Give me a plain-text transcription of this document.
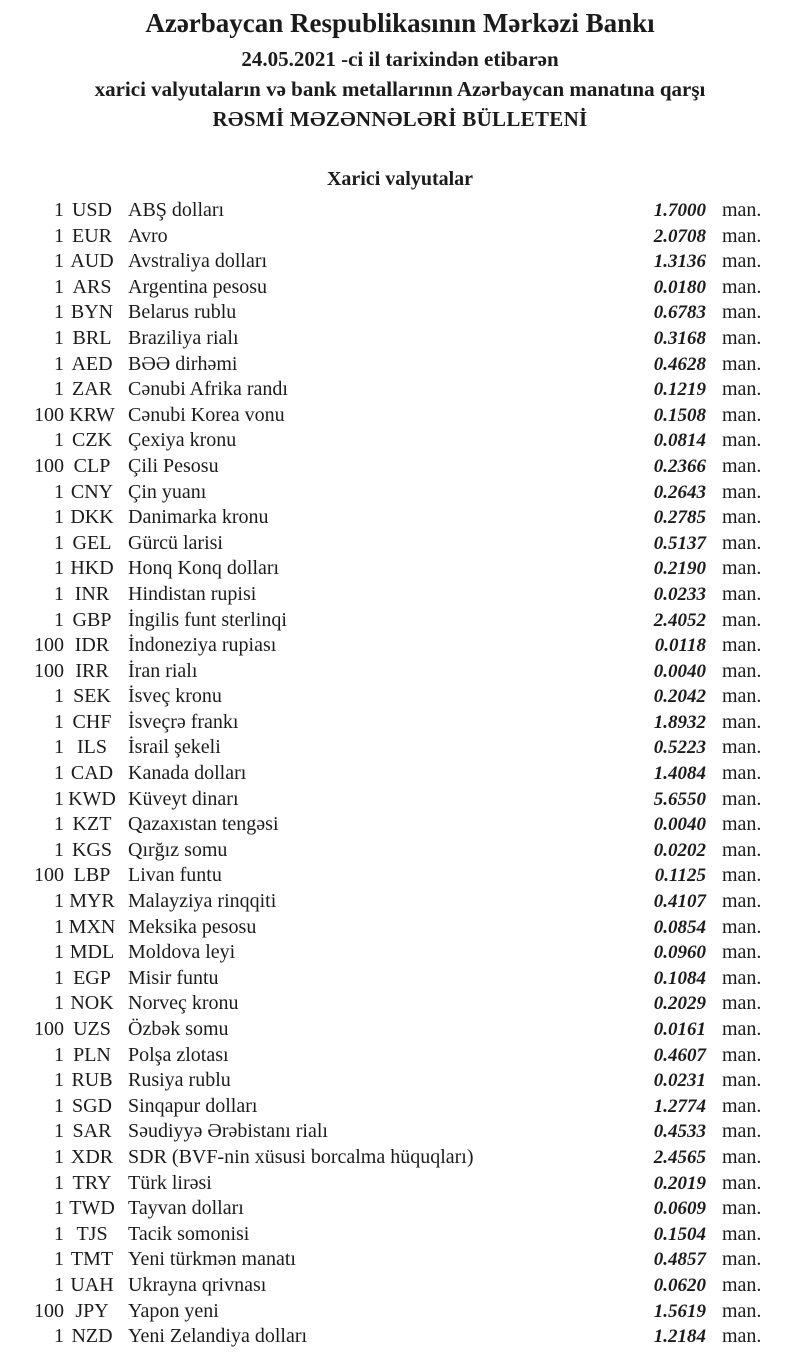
Azərbaycan Respublikasının Mərkəzi Bankı
24.05.2021 -ci il tarixindən etibarən
xarici valyutaların və bank metallarının Azərbaycan manatına qarşı
RƏSMİ MƏZƏNNƏLƏRİ BÜLLETENİ
Xarici valyutalar
1 USD ABŞ dolları	1.7000 man.
1 EUR Avro	2.0708 man.
1 AUD Avstraliya dolları	1.3136 man.
1 ARS Argentina pesosu	0.0180 man.
1 BYN Belarus rublu	0.6783 man.
1 BRL Braziliya rialı	0.3168 man.
1 AED BƏƏ dirhəmi	0.4628 man.
1 ZAR Cənubi Afrika randı	0.1219 man.
100 KRW Cənubi Korea vonu	0.1508 man.
1 CZK Çexiya kronu	0.0814 man.
100 CLP Çili Pesosu	0.2366 man.
1 CNY Çin yuanı	0.2643 man.
1 DKK Danimarka kronu	0.2785 man.
1 GEL Gürcü larisi	0.5137 man.
1 HKD Honq Konq dolları	0.2190 man.
1 INR Hindistan rupisi	0.0233 man.
1 GBP İngilis funt sterlinqi	2.4052 man.
100 IDR İndoneziya rupiası	0.0118 man.
100 IRR İran rialı	0.0040 man.
1 SEK İsveç kronu	0.2042 man.
1 CHF İsveçrə frankı	1.8932 man.
1 ILS	İsrail şekeli	0.5223 man.
1 CAD Kanada dolları	1.4084 man.
1 KWD Küveyt dinarı	5.6550 man.
1 KZT Qazaxıstan tengəsi	0.0040 man.
1 KGS Qırğız somu	0.0202 man.
100 LBP Livan funtu	0.1125 man.
1 MYR Malayziya rinqqiti	0.4107 man.
1 MXN Meksika pesosu	0.0854 man.
1 MDL Moldova leyi	0.0960 man.
1 EGP Misir funtu	0.1084 man.
1 NOK Norveç kronu	0.2029 man.
100 UZS Özbək somu	0.0161 man.
1 PLN Polşa zlotası	0.4607 man.
1 RUB Rusiya rublu	0.0231 man.
1 SGD Sinqapur dolları	1.2774 man.
1 SAR Səudiyyə Ərəbistanı rialı	0.4533 man.
1 XDR SDR (BVF-nin xüsusi borcalma hüquqları)	2.4565 man.
1 TRY Türk lirəsi	0.2019 man.
1 TWD Tayvan dolları	0.0609 man.
1 TJS	Tacik somonisi	0.1504 man.
1 TMT Yeni türkmən manatı	0.4857 man.
1 UAH Ukrayna qrivnası	0.0620 man.
100 JPY Yapon yeni	1.5619 man.
1 NZD Yeni Zelandiya dolları	1.2184 man.
